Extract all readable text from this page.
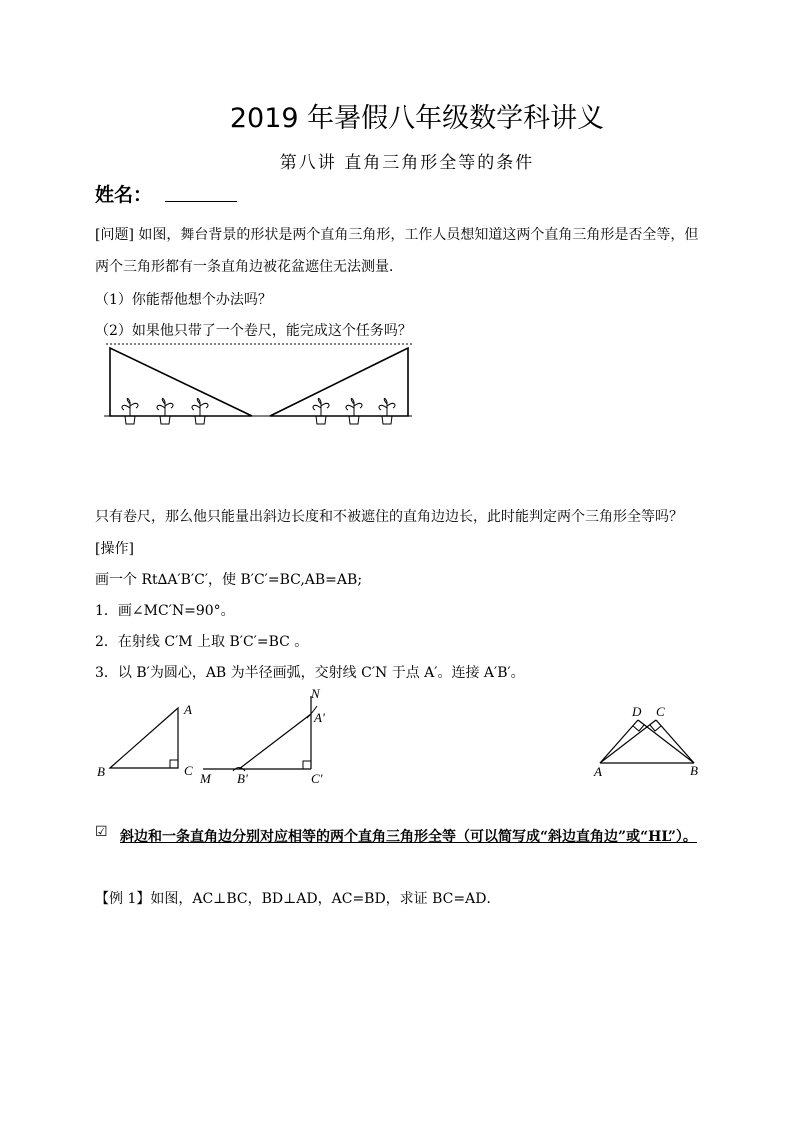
2019 年暑假八年级数学科讲义
第八讲 直角三角形全等的条件
姓名：
[问题] 如图，舞台背景的形状是两个直角三角形，工作人员想知道这两个直角三角形是否全等，但
两个三角形都有一条直角边被花盆遮住无法测量．
（1）你能帮他想个办法吗？
（2）如果他只带了一个卷尺，能完成这个任务吗？
只有卷尺，那么他只能量出斜边长度和不被遮住的直角边边长，此时能判定两个三角形全等吗？
[操作]
画一个 Rt∆A′B′C′，使 B′C′=BC,AB=AB;
1．画∠MC′N=90°。
2．在射线 C′M 上取 B′C′=BC 。
3．以 B′为圆心，AB 为半径画弧，交射线 C′N 于点 A′。连接 A′B′。
A
B	C
N
A'
M B'	C'
D C
A	B
☑ 斜边和一条直角边分别对应相等的两个直角三角形全等（可以简写成“斜边直角边”或“HL”）。
【例 1】如图，AC⊥BC，BD⊥AD，AC=BD，求证 BC=AD．
